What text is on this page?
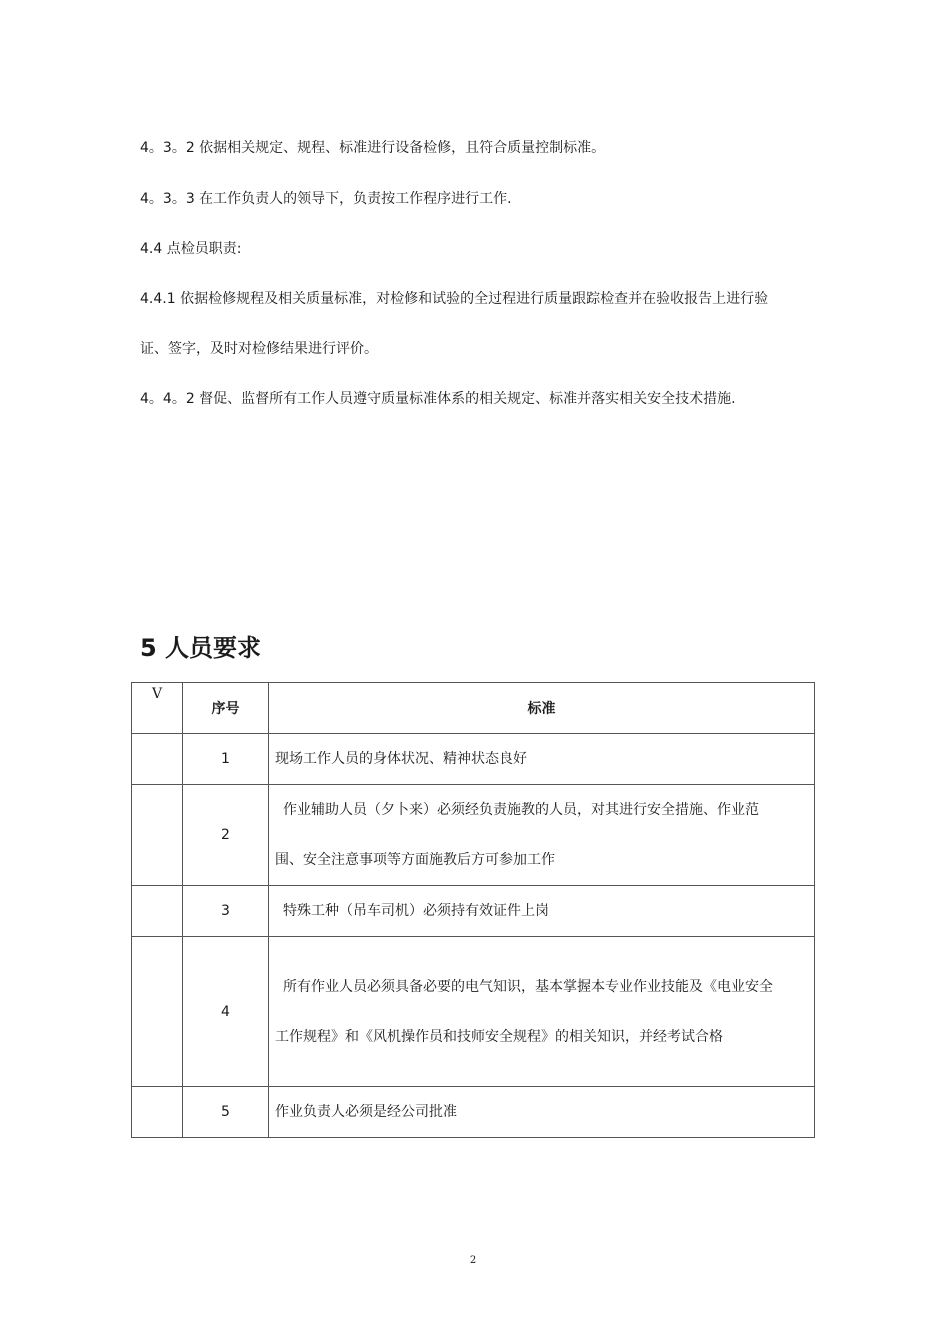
4。3。2 依据相关规定、规程、标准进行设备检修，且符合质量控制标准。
4。3。3 在工作负责人的领导下，负责按工作程序进行工作.
4.4 点检员职责:
4.4.1 依据检修规程及相关质量标准，对检修和试验的全过程进行质量跟踪检查并在验收报告上进行验
证、签字，及时对检修结果进行评价。
4。4。2 督促、监督所有工作人员遵守质量标准体系的相关规定、标准并落实相关安全技术措施.
5 人员要求
V	序号	标准
	1	现场工作人员的身体状况、精神状态良好

	2	作业辅助人员（夕卜来）必须经负责施教的人员，对其进行安全措施、作业范
围、安全注意事项等方面施教后方可参加工作

	3	特殊工种（吊车司机）必须持有效证件上岗

	4	所有作业人员必须具备必要的电气知识，基本掌握本专业作业技能及《电业安全
工作规程》和《风机操作员和技师安全规程》的相关知识，并经考试合格

	5	作业负责人必须是经公司批准
2
